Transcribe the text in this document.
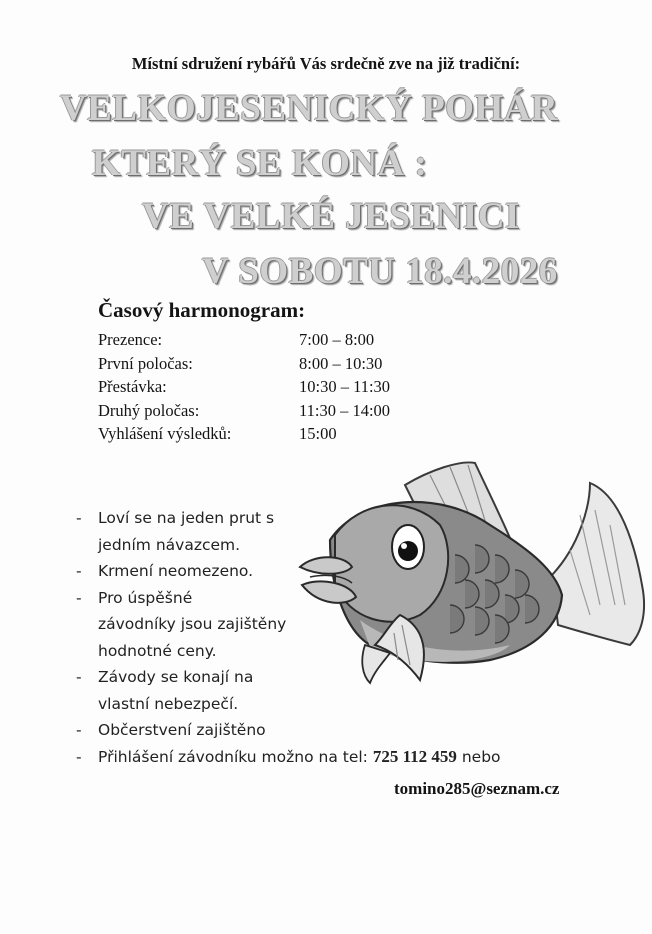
Místní sdružení rybářů Vás srdečně zve na již tradiční:
VELKOJESENICKÝ POHÁR
KTERÝ SE KONÁ :
VE VELKÉ JESENICI
V SOBOTU 18.4.2026
Časový harmonogram:
Prezence:	7:00 – 8:00
První poločas:	8:00 – 10:30
Přestávka:	10:30 – 11:30
Druhý poločas:	11:30 – 14:00
Vyhlášení výsledků:	15:00
- Loví se na jeden prut s
jedním návazcem.
- Krmení neomezeno.
- Pro úspěšné
závodníky jsou zajištěny
hodnotné ceny.
- Závody se konají na
vlastní nebezpečí.
- Občerstvení zajištěno
- Přihlášení závodníku možno na tel: 725 112 459 nebo
tomino285@seznam.cz
